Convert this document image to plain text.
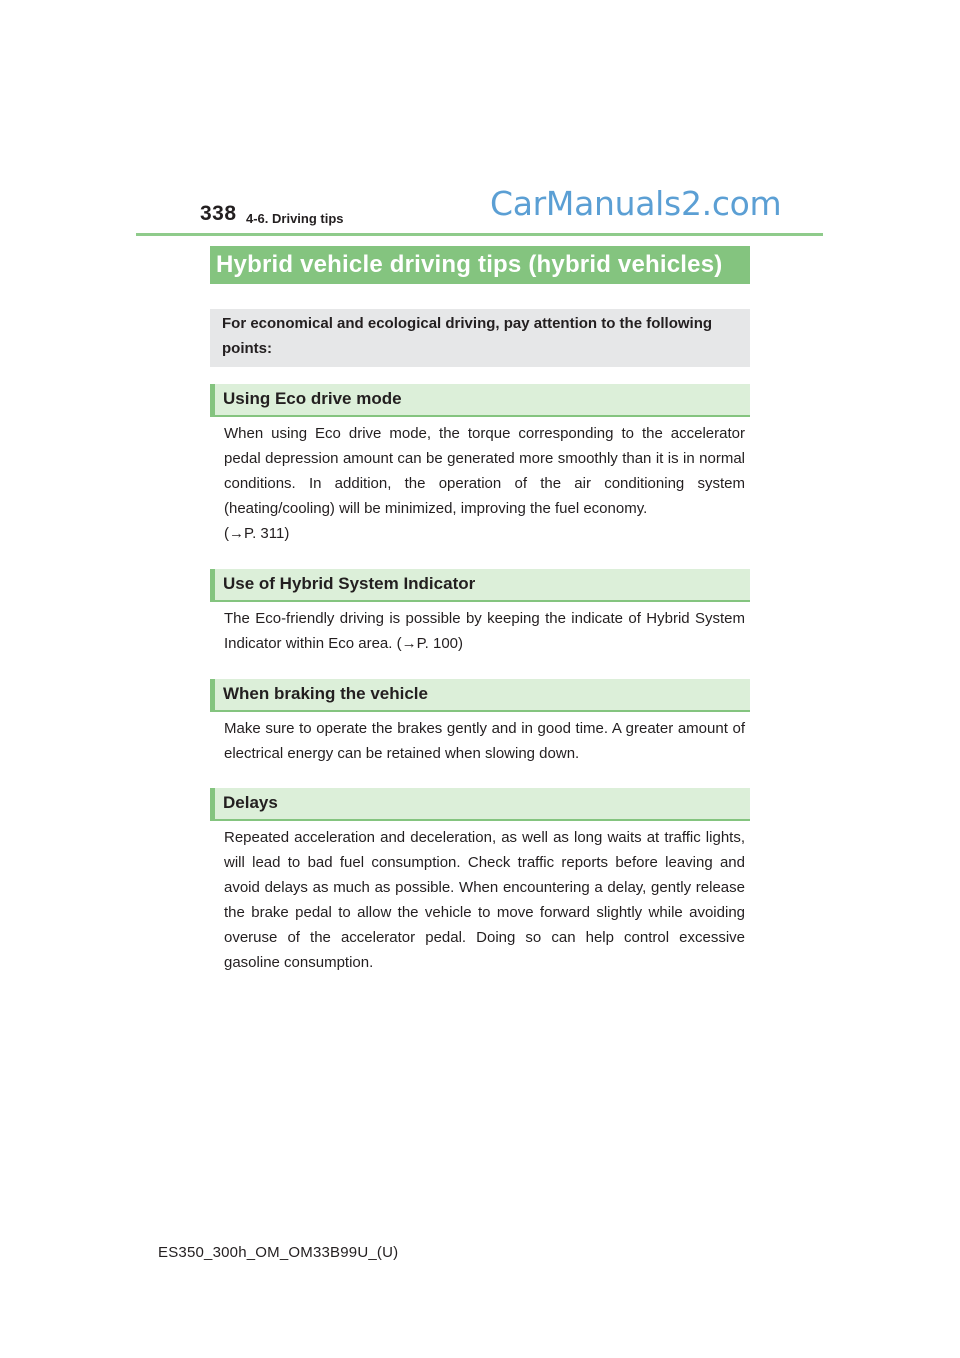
338 4-6. Driving tips	CarManuals2.com
Hybrid vehicle driving tips (hybrid vehicles)
For economical and ecological driving, pay attention to the following points:
Using Eco drive mode
When using Eco drive mode, the torque corresponding to the accelerator pedal depression amount can be generated more smoothly than it is in normal conditions. In addition, the operation of the air conditioning system (heating/cooling) will be minimized, improving the fuel economy.
(→P. 311)
Use of Hybrid System Indicator
The Eco-friendly driving is possible by keeping the indicate of Hybrid System Indicator within Eco area. (→P. 100)
When braking the vehicle
Make sure to operate the brakes gently and in good time. A greater amount of electrical energy can be retained when slowing down.
Delays
Repeated acceleration and deceleration, as well as long waits at traffic lights, will lead to bad fuel consumption. Check traffic reports before leaving and avoid delays as much as possible. When encountering a delay, gently release the brake pedal to allow the vehicle to move forward slightly while avoiding overuse of the accelerator pedal. Doing so can help control excessive gasoline consumption.
ES350_300h_OM_OM33B99U_(U)
